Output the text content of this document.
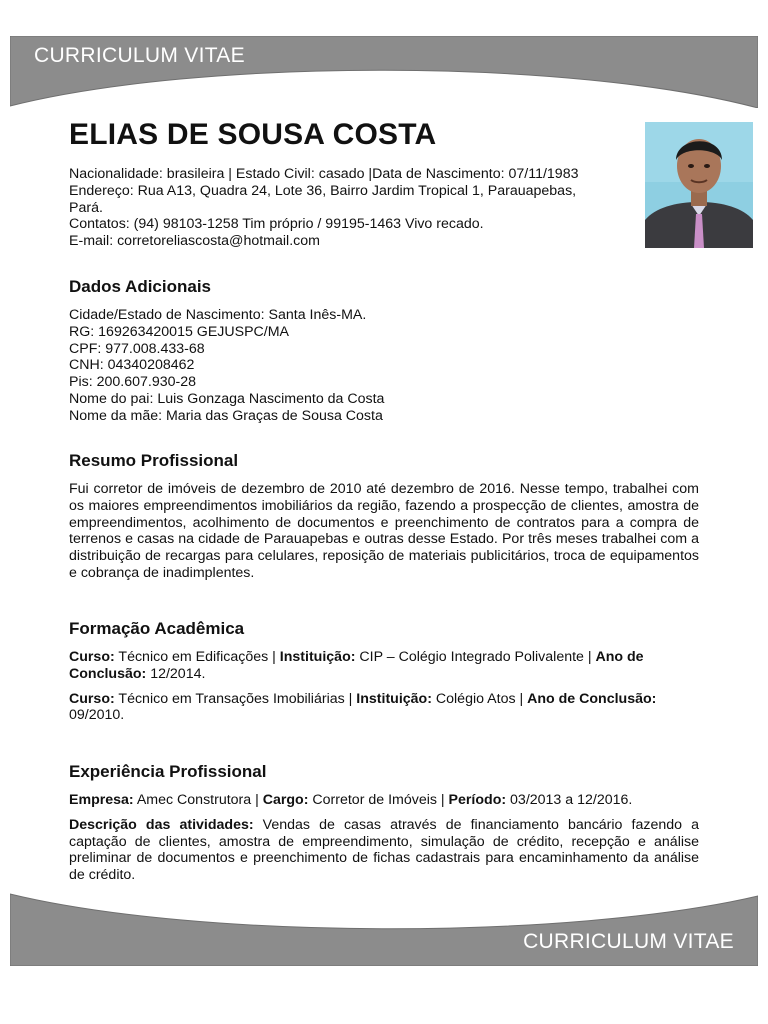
CURRICULUM VITAE
ELIAS DE SOUSA COSTA
Nacionalidade: brasileira | Estado Civil: casado |Data de Nascimento: 07/11/1983
Endereço: Rua A13, Quadra 24, Lote 36, Bairro Jardim Tropical 1, Parauapebas,
Pará.
Contatos: (94) 98103-1258 Tim próprio / 99195-1463 Vivo recado.
E-mail: corretoreliascosta@hotmail.com
Dados Adicionais
Cidade/Estado de Nascimento: Santa Inês-MA.
RG: 169263420015 GEJUSPC/MA
CPF: 977.008.433-68
CNH: 04340208462
Pis: 200.607.930-28
Nome do pai: Luis Gonzaga Nascimento da Costa
Nome da mãe: Maria das Graças de Sousa Costa
Resumo Profissional
Fui corretor de imóveis de dezembro de 2010 até dezembro de 2016. Nesse tempo, trabalhei com os maiores empreendimentos imobiliários da região, fazendo a prospecção de clientes, amostra de empreendimentos, acolhimento de documentos e preenchimento de contratos para a compra de terrenos e casas na cidade de Parauapebas e outras desse Estado. Por três meses trabalhei com a distribuição de recargas para celulares, reposição de materiais publicitários, troca de equipamentos e cobrança de inadimplentes.
Formação Acadêmica
Curso: Técnico em Edificações | Instituição: CIP – Colégio Integrado Polivalente | Ano de Conclusão: 12/2014.
Curso: Técnico em Transações Imobiliárias | Instituição: Colégio Atos | Ano de Conclusão: 09/2010.
Experiência Profissional
Empresa: Amec Construtora | Cargo: Corretor de Imóveis | Período: 03/2013 a 12/2016.
Descrição das atividades: Vendas de casas através de financiamento bancário fazendo a captação de clientes, amostra de empreendimento, simulação de crédito, recepção e análise preliminar de documentos e preenchimento de fichas cadastrais para encaminhamento da análise de crédito.
CURRICULUM VITAE
